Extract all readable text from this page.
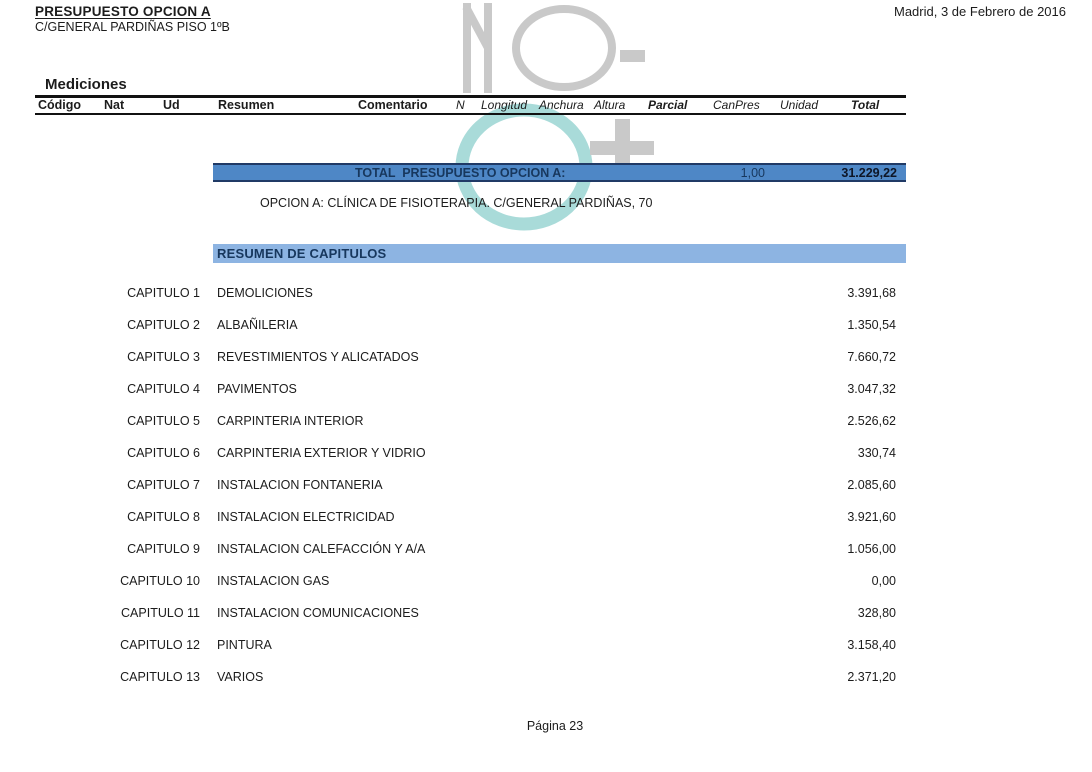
PRESUPUESTO OPCION A
C/GENERAL PARDIÑAS PISO 1ºB
Madrid, 3 de Febrero de 2016
Mediciones
Código Nat	Ud	Resumen	Comentario N Longitud Anchura Altura Parcial CanPres Unidad	Total
TOTAL  PRESUPUESTO OPCION A:	1,00	31.229,22
OPCION A: CLÍNICA DE FISIOTERAPIA. C/GENERAL PARDIÑAS, 70
RESUMEN DE CAPITULOS
CAPITULO 1 DEMOLICIONES	3.391,68
CAPITULO 2 ALBAÑILERIA	1.350,54
CAPITULO 3 REVESTIMIENTOS Y ALICATADOS	7.660,72
CAPITULO 4 PAVIMENTOS	3.047,32
CAPITULO 5 CARPINTERIA INTERIOR	2.526,62
CAPITULO 6 CARPINTERIA EXTERIOR Y VIDRIO	330,74
CAPITULO 7 INSTALACION FONTANERIA	2.085,60
CAPITULO 8 INSTALACION ELECTRICIDAD	3.921,60
CAPITULO 9 INSTALACION CALEFACCIÓN Y A/A	1.056,00
CAPITULO 10 INSTALACION GAS	0,00
CAPITULO 11 INSTALACION COMUNICACIONES	328,80
CAPITULO 12 PINTURA	3.158,40
CAPITULO 13 VARIOS	2.371,20
Página 23
